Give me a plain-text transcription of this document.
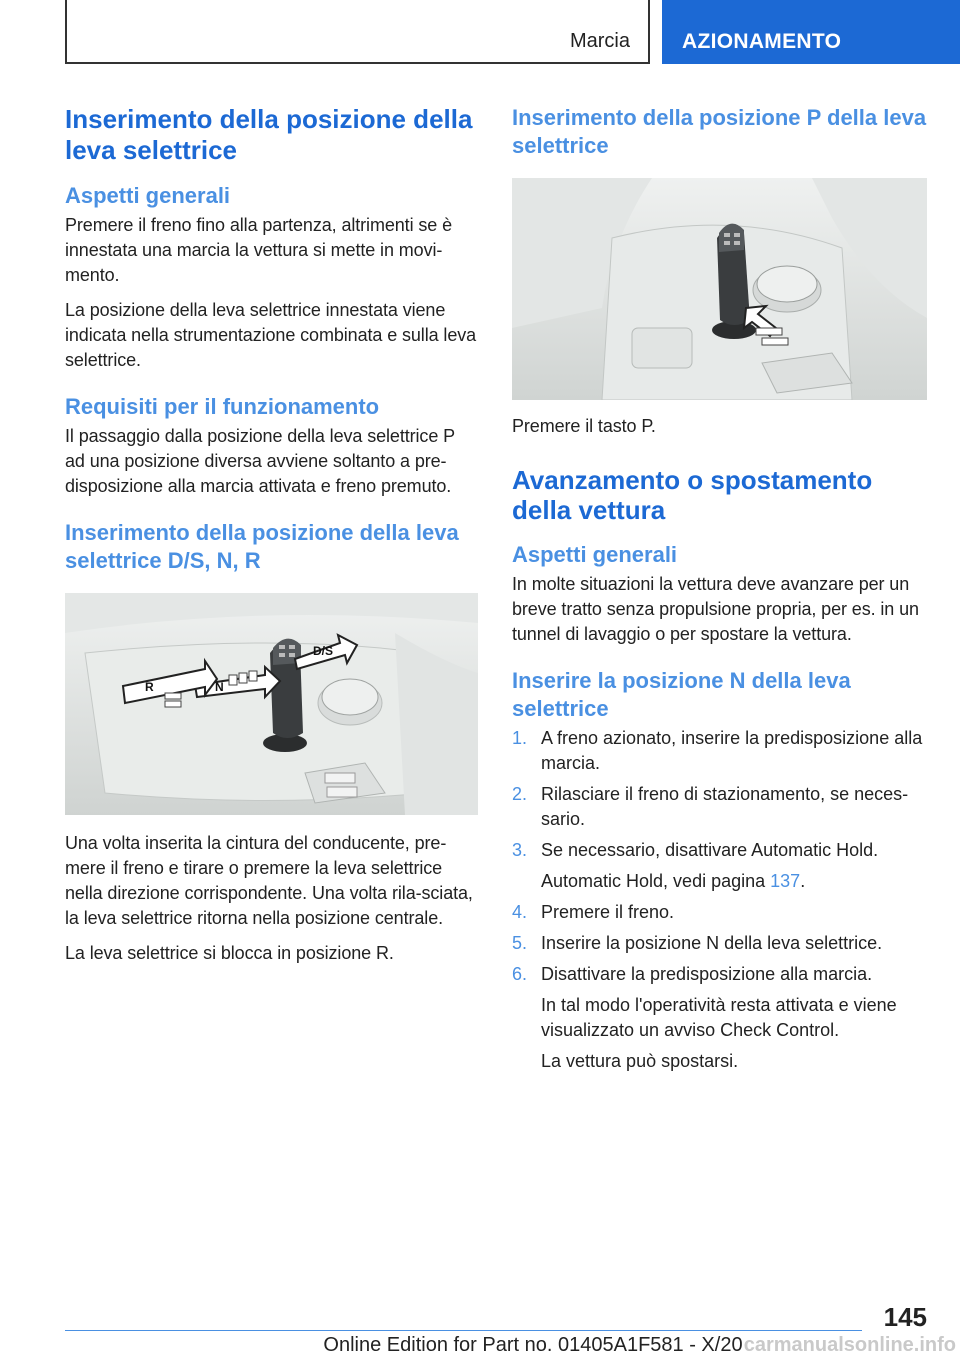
Marcia	AZIONAMENTO
Inserimento della posizione della leva selettrice
Aspetti generali

Premere il freno fino alla partenza, altrimenti se è innestata una marcia la vettura si mette in movi-mento.

La posizione della leva selettrice innestata viene indicata nella strumentazione combinata e sulla leva selettrice.

Requisiti per il funzionamento

Il passaggio dalla posizione della leva selettrice P ad una posizione diversa avviene soltanto a pre-disposizione alla marcia attivata e freno premuto.

Inserimento della posizione della leva selettrice D/S, N, R
R	N
D/S

Una volta inserita la cintura del conducente, pre-mere il freno e tirare o premere la leva selettrice nella direzione corrispondente. Una volta rila-sciata, la leva selettrice ritorna nella posizione centrale.

La leva selettrice si blocca in posizione R.

Inserimento della posizione P della leva selettrice

Premere il tasto P.

Avanzamento o spostamento della vettura
Aspetti generali

In molte situazioni la vettura deve avanzare per un breve tratto senza propulsione propria, per es. in un tunnel di lavaggio o per spostare la vettura.

Inserire la posizione N della leva selettrice
1. A freno azionato, inserire la predisposizione alla marcia.
2. Rilasciare il freno di stazionamento, se neces-sario.
3. Se necessario, disattivare Automatic Hold.
Automatic Hold, vedi pagina 137.
4. Premere il freno.
5. Inserire la posizione N della leva selettrice.
6. Disattivare la predisposizione alla marcia.
In tal modo l'operatività resta attivata e viene visualizzato un avviso Check Control.
La vettura può spostarsi.
145
Online Edition for Part no. 01405A1F581 - X/20 carmanualsonline.info
